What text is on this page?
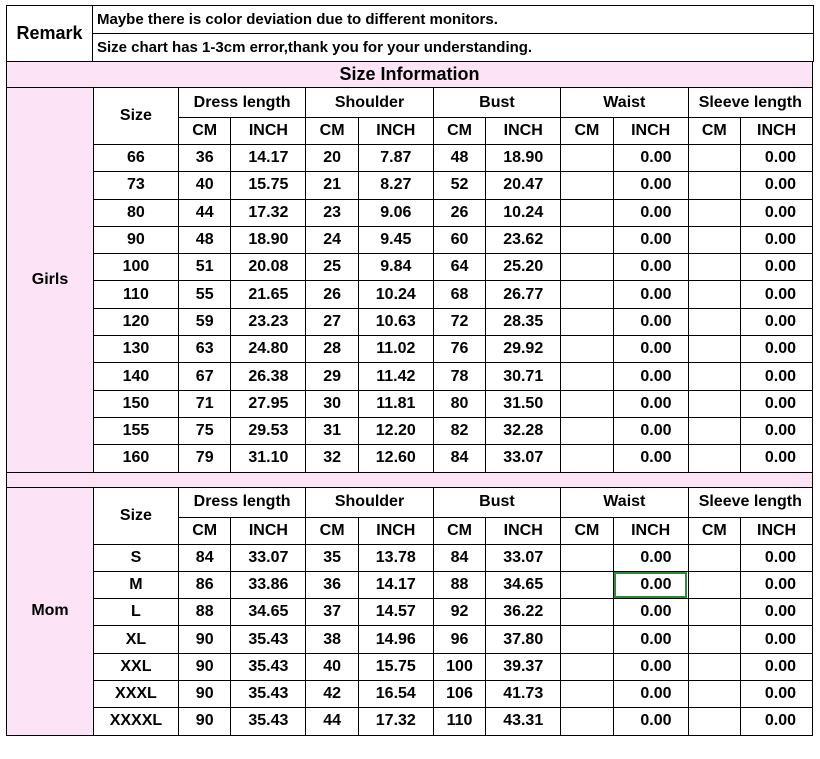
Remark	Maybe there is color deviation due to different monitors.
Size chart has 1-3cm error,thank you for your understanding.
Size Information											
Girls	Size	Dress length		Shoulder		Bust		Waist		Sleeve length	
		CM	INCH	CM	INCH	CM	INCH	CM	INCH	CM	INCH
	66	36	14.17	20	7.87	48	18.90		0.00		0.00
	73	40	15.75	21	8.27	52	20.47		0.00		0.00
	80	44	17.32	23	9.06	26	10.24		0.00		0.00
	90	48	18.90	24	9.45	60	23.62		0.00		0.00
	100	51	20.08	25	9.84	64	25.20		0.00		0.00
	110	55	21.65	26	10.24	68	26.77		0.00		0.00
	120	59	23.23	27	10.63	72	28.35		0.00		0.00
	130	63	24.80	28	11.02	76	29.92		0.00		0.00
	140	67	26.38	29	11.42	78	30.71		0.00		0.00
	150	71	27.95	30	11.81	80	31.50		0.00		0.00
	155	75	29.53	31	12.20	82	32.28		0.00		0.00
	160	79	31.10	32	12.60	84	33.07		0.00		0.00

Mom	Size	Dress length		Shoulder		Bust		Waist		Sleeve length	
		CM	INCH	CM	INCH	CM	INCH	CM	INCH	CM	INCH
	S	84	33.07	35	13.78	84	33.07		0.00		0.00
	M	86	33.86	36	14.17	88	34.65		0.00		0.00
	L	88	34.65	37	14.57	92	36.22		0.00		0.00
	XL	90	35.43	38	14.96	96	37.80		0.00		0.00
	XXL	90	35.43	40	15.75	100	39.37		0.00		0.00
	XXXL	90	35.43	42	16.54	106	41.73		0.00		0.00
	XXXXL	90	35.43	44	17.32	110	43.31		0.00		0.00
